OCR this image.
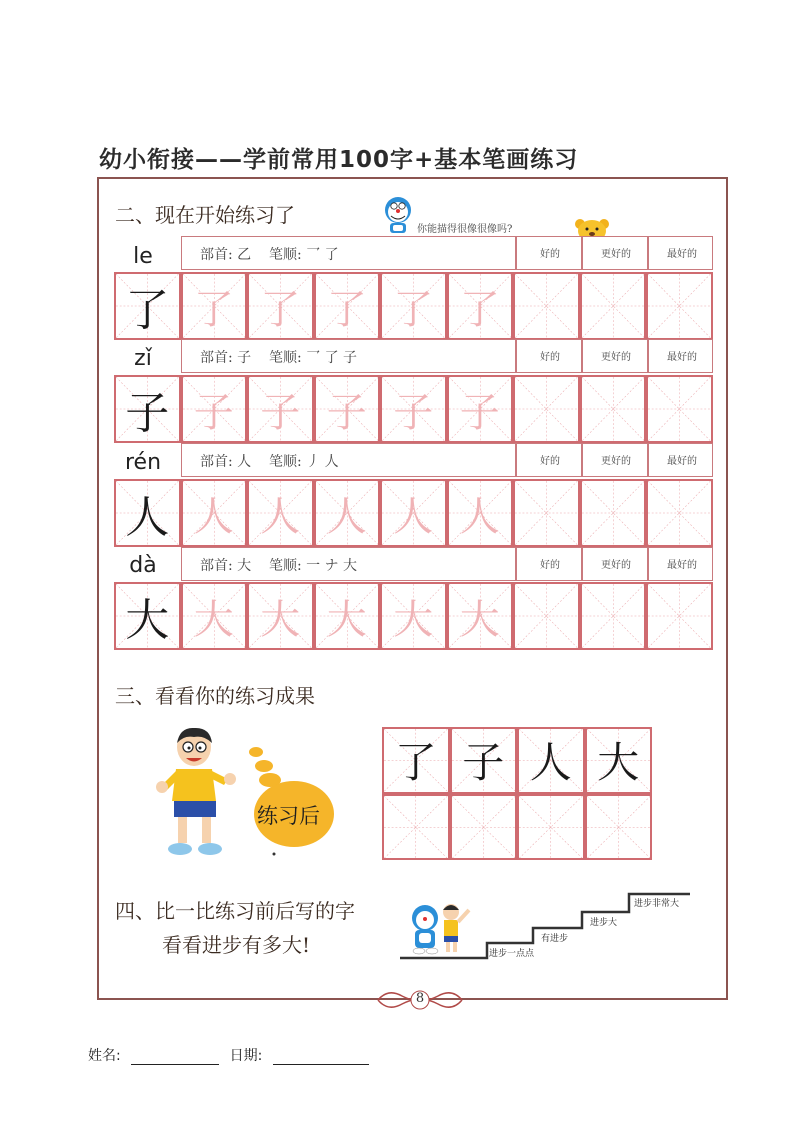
幼小衔接——学前常用100字+基本笔画练习
二、现在开始练习了
你能描得很像很像吗?
le	部首: 乙 笔顺: 乛 了	好的	更好的	最好的
了 了 了 了 了 了
zǐ	部首: 子 笔顺: 乛 了 子	好的	更好的	最好的
子 子 子 子 子 子
rén	部首: 人 笔顺: 丿 人	好的	更好的	最好的
人 人 人 人 人 人
dà	部首: 大 笔顺: 一 ナ 大	好的	更好的	最好的
大 大 大 大 大 大
三、看看你的练习成果
练习后
了 子 人 大
四、比一比练习前后写的字
看看进步有多大!	进步一点点
有进步
进步大
进步非常大
8
姓名:	日期:
